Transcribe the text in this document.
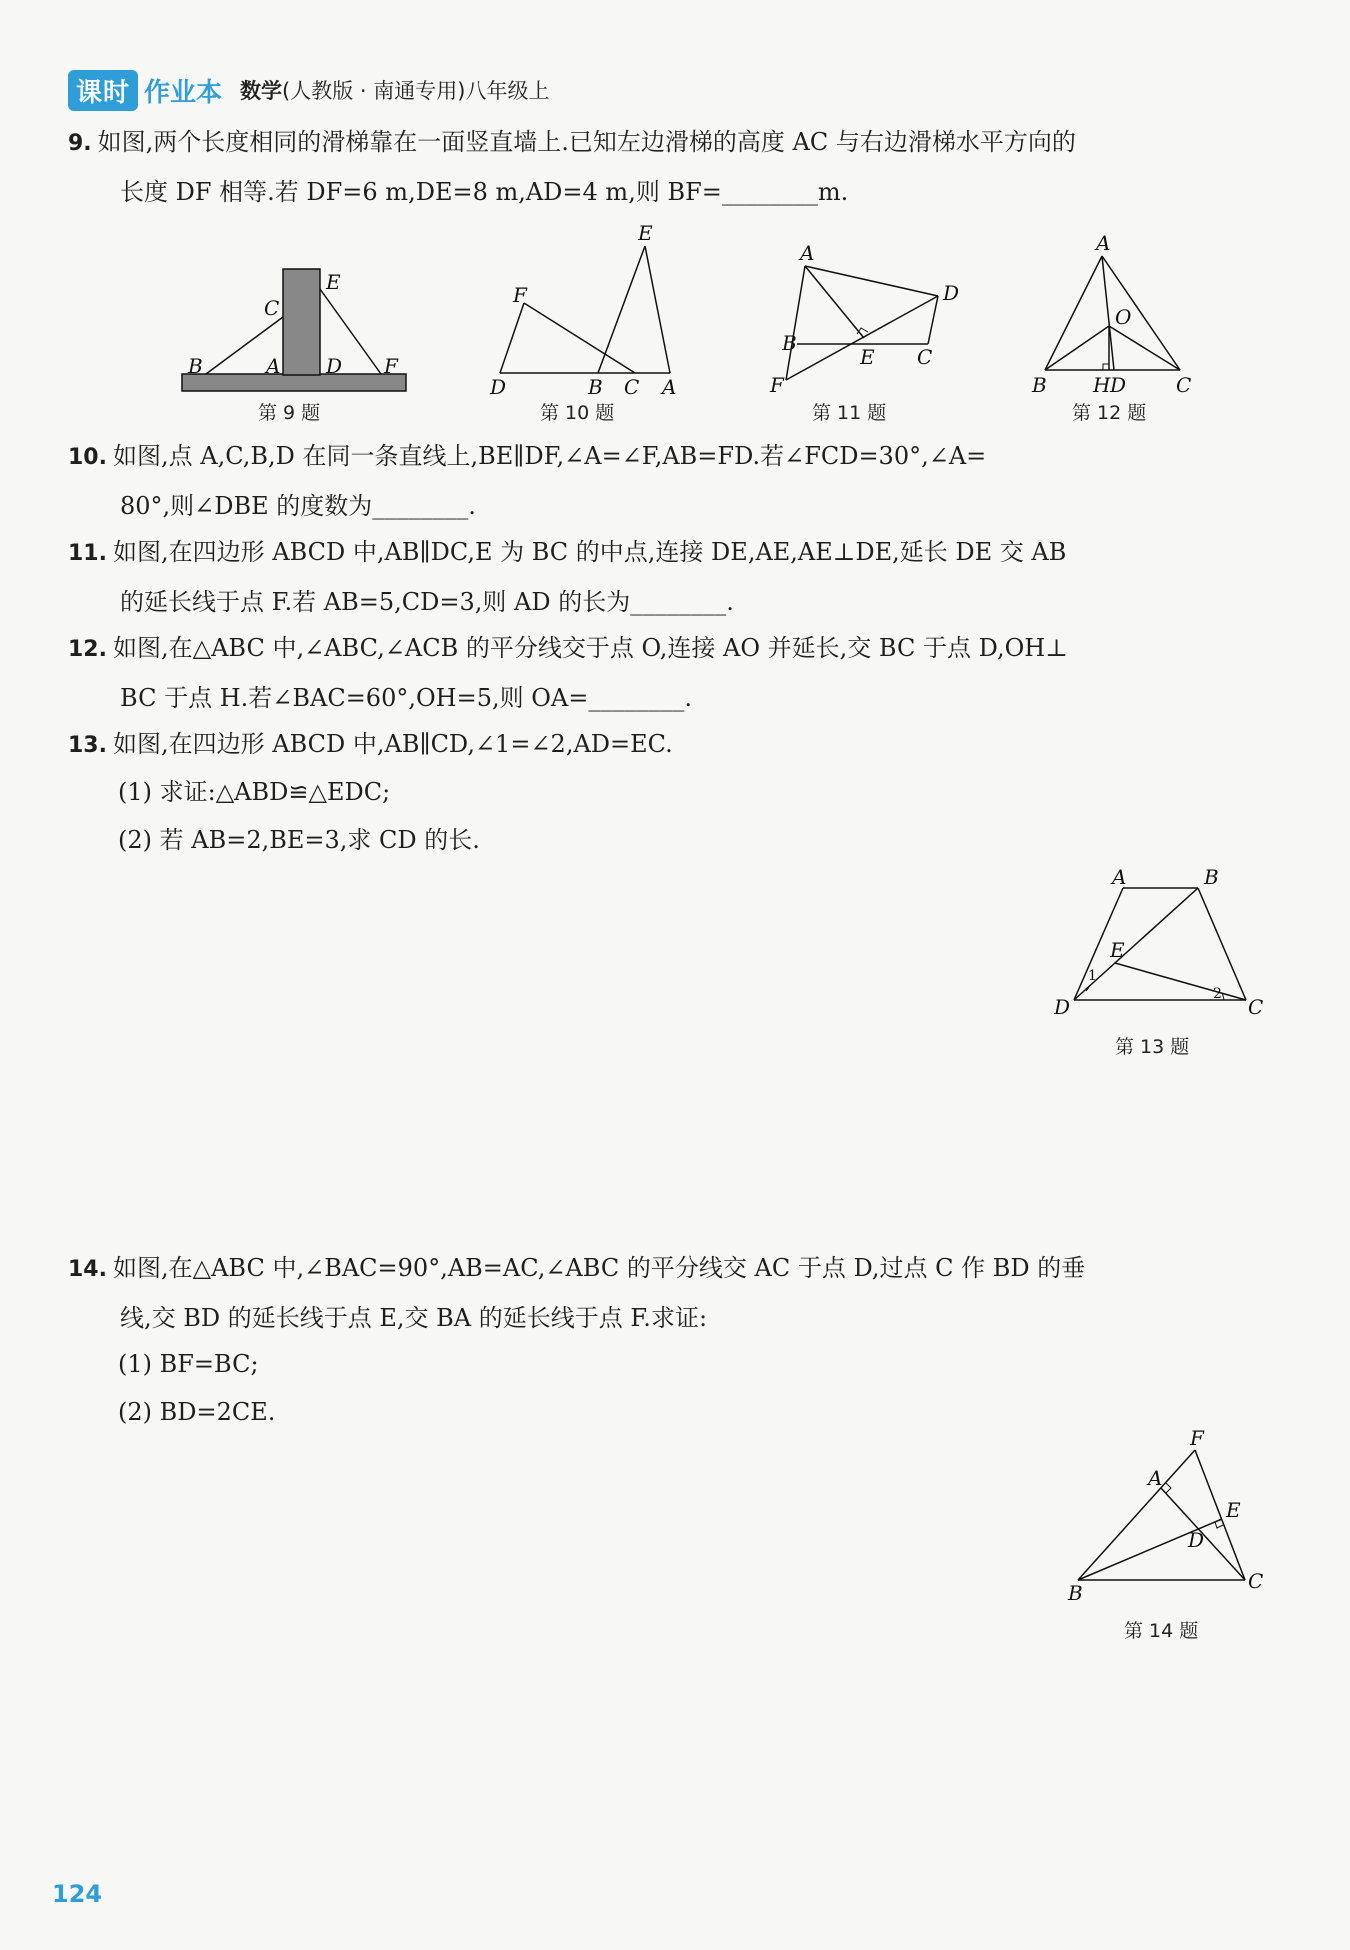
课时 作业本 数学(人教版 · 南通专用)八年级上
9. 如图,两个长度相同的滑梯靠在一面竖直墙上.已知左边滑梯的高度 AC 与右边滑梯水平方向的
长度 DF 相等.若 DF=6 m,DE=8 m,AD=4 m,则 BF=________m.
B	A D F
C
E
第 9 题
E
F
D	B C A
第 10 题
A
D
B
E C
F
第 11 题
A
O
B H D C
第 12 题
10. 如图,点 A,C,B,D 在同一条直线上,BE∥DF,∠A=∠F,AB=FD.若∠FCD=30°,∠A=
80°,则∠DBE 的度数为________.
11. 如图,在四边形 ABCD 中,AB∥DC,E 为 BC 的中点,连接 DE,AE,AE⊥DE,延长 DE 交 AB
的延长线于点 F.若 AB=5,CD=3,则 AD 的长为________.
12. 如图,在△ABC 中,∠ABC,∠ACB 的平分线交于点 O,连接 AO 并延长,交 BC 于点 D,OH⊥
BC 于点 H.若∠BAC=60°,OH=5,则 OA=________.
13. 如图,在四边形 ABCD 中,AB∥CD,∠1=∠2,AD=EC.
(1) 求证:△ABD≌△EDC;
(2) 若 AB=2,BE=3,求 CD 的长.
A	B
E
1
D
2
C
第 13 题
14. 如图,在△ABC 中,∠BAC=90°,AB=AC,∠ABC 的平分线交 AC 于点 D,过点 C 作 BD 的垂
线,交 BD 的延长线于点 E,交 BA 的延长线于点 F.求证:
(1) BF=BC;
(2) BD=2CE.
F
A
E
D
B	C
第 14 题
124
